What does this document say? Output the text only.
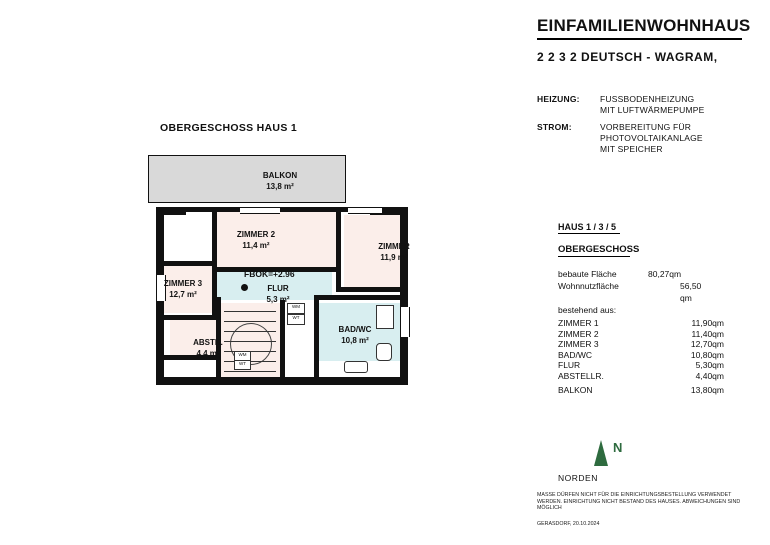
EINFAMILIENWOHNHAUS
2 2 3 2 DEUTSCH - WAGRAM,
HEIZUNG: FUSSBODENHEIZUNG
MIT LUFTWÄRMEPUMPE
STROM:	VORBEREITUNG FÜR
PHOTOVOLTAIKANLAGE
MIT SPEICHER
HAUS 1 / 3 / 5
OBERGESCHOSS
bebaute Fläche	80,27qm
Wohnnutzfläche	56,50 qm
bestehend aus:
ZIMMER 1	11,90qm
ZIMMER 2	11,40qm
ZIMMER 3	12,70qm
BAD/WC	10,80qm
FLUR	5,30qm
ABSTELLR.	4,40qm
BALKON	13,80qm
N
NORDEN
MASSE DÜRFEN NICHT FÜR DIE EINRICHTUNGSBESTELLUNG VERWENDET WERDEN. EINRICHTUNG NICHT BESTAND DES HAUSES. ABWEICHUNGEN SIND MÖGLICH
GERASDORF, 20.10.2024
OBERGESCHOSS HAUS 1
WM
WT
WM
WT
BALKON
13,8 m²
ZIMMER 2
11,4 m²	ZIMMER
11,9 m²
ZIMMER 3
12,7 m²
FLUR
5,3 m²
BAD/WC
10,8 m²
ABSTR.
4,4 m²
FBOK=+2.96
